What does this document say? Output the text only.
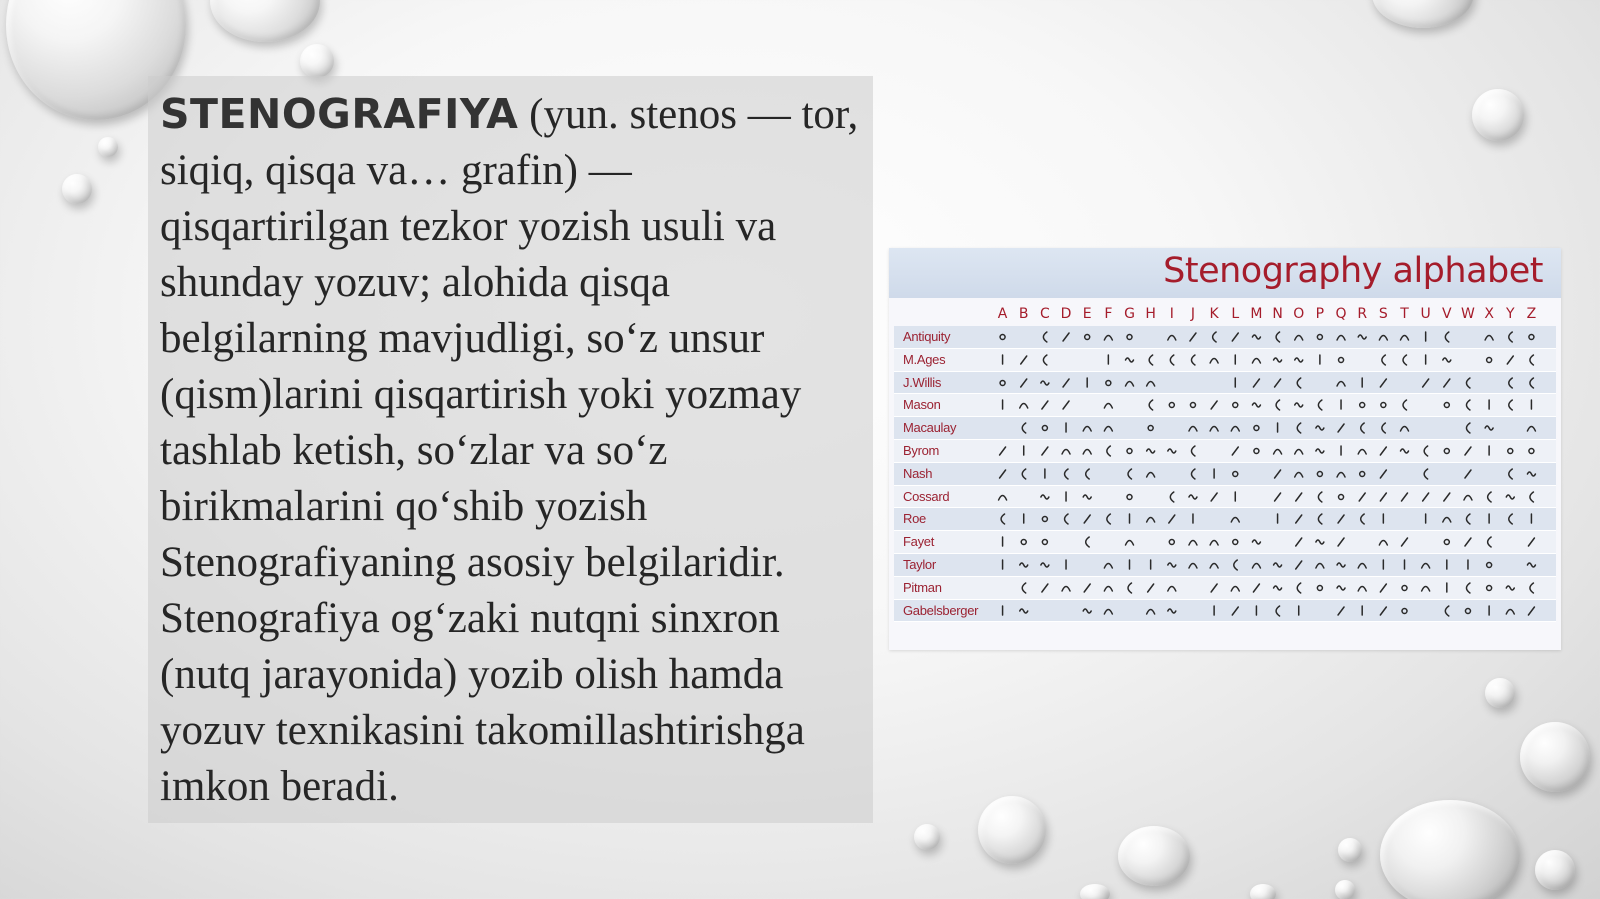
STENOGRAFIYA (yun. stenos — tor, siqiq, qisqa va… grafin) — qisqartirilgan tezkor yozish usuli va shunday yozuv; alohida qisqa belgilarning mavjudligi, so‘z unsur (qism)larini qisqartirish yoki yozmay tashlab ketish, so‘zlar va so‘z birikmalarini qo‘shib yozish Stenografiyaning asosiy belgilaridir. Stenografiya og‘zaki nutqni sinxron (nutq jarayonida) yozib olish hamda yozuv texnikasini takomillashtirishga imkon beradi.

Stenography alphabet
A B C D E F G H I J K L M N O P Q R S T U V W X Y Z
Antiquity
M.Ages
J.Willis
Mason
Macaulay
Byrom
Nash
Cossard
Roe
Fayet
Taylor
Pitman
Gabelsberger
